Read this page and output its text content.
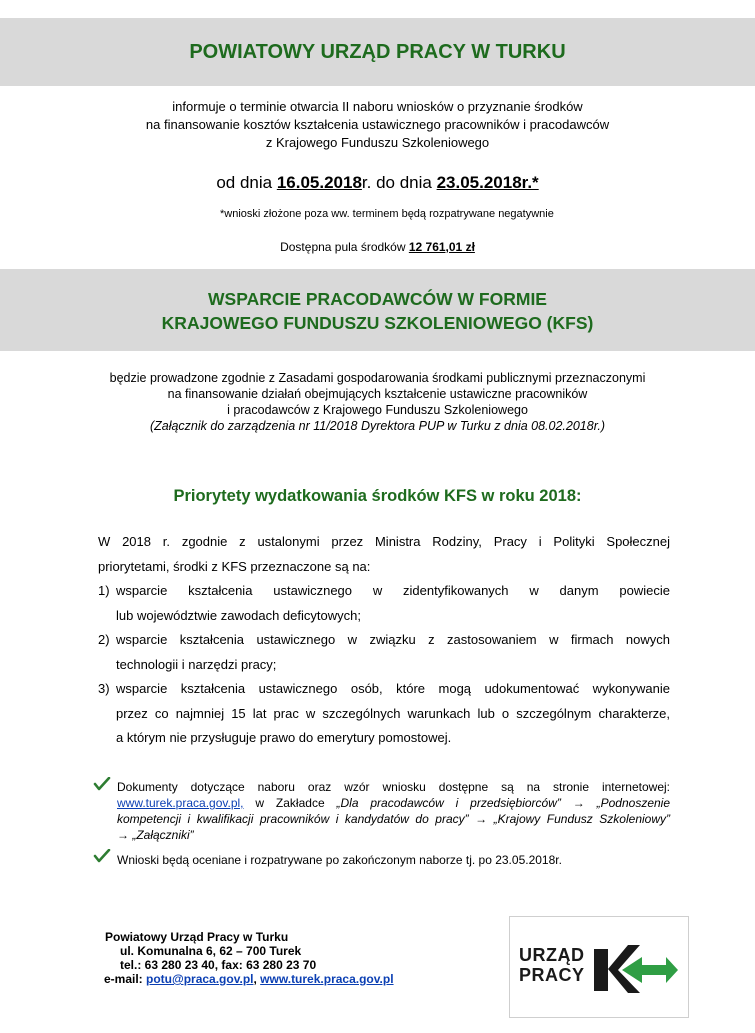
POWIATOWY URZĄD PRACY W TURKU
informuje o terminie otwarcia II naboru wniosków o przyznanie środków
na finansowanie kosztów kształcenia ustawicznego pracowników i pracodawców
z Krajowego Funduszu Szkoleniowego
od dnia 16.05.2018r. do dnia 23.05.2018r.*
*wnioski złożone poza ww. terminem będą rozpatrywane negatywnie
Dostępna pula środków 12 761,01 zł
WSPARCIE PRACODAWCÓW W FORMIE
KRAJOWEGO FUNDUSZU SZKOLENIOWEGO (KFS)
będzie prowadzone zgodnie z Zasadami gospodarowania środkami publicznymi przeznaczonymi
na finansowanie działań obejmujących kształcenie ustawiczne pracowników
i pracodawców z Krajowego Funduszu Szkoleniowego
(Załącznik do zarządzenia nr 11/2018 Dyrektora PUP w Turku z dnia 08.02.2018r.)
Priorytety wydatkowania środków KFS w roku 2018:
W 2018 r. zgodnie z ustalonymi przez Ministra Rodziny, Pracy i Polityki Społecznej
priorytetami, środki z KFS przeznaczone są na:
1) wsparcie kształcenia ustawicznego w zidentyfikowanych w danym powiecie
lub województwie zawodach deficytowych;
2) wsparcie kształcenia ustawicznego w związku z zastosowaniem w firmach nowych
technologii i narzędzi pracy;
3) wsparcie kształcenia ustawicznego osób, które mogą udokumentować wykonywanie
przez co najmniej 15 lat prac w szczególnych warunkach lub o szczególnym charakterze,
a którym nie przysługuje prawo do emerytury pomostowej.
Dokumenty dotyczące naboru oraz wzór wniosku dostępne są na stronie internetowej:
www.turek.praca.gov.pl, w Zakładce „Dla pracodawców i przedsiębiorców” → „Podnoszenie
kompetencji i kwalifikacji pracowników i kandydatów do pracy” → „Krajowy Fundusz Szkoleniowy”
→ „Załączniki”
Wnioski będą oceniane i rozpatrywane po zakończonym naborze tj. po 23.05.2018r.
Powiatowy Urząd Pracy w Turku
ul. Komunalna 6, 62 – 700 Turek
tel.: 63 280 23 40, fax: 63 280 23 70
e-mail: potu@praca.gov.pl, www.turek.praca.gov.pl
URZĄD
PRACY
